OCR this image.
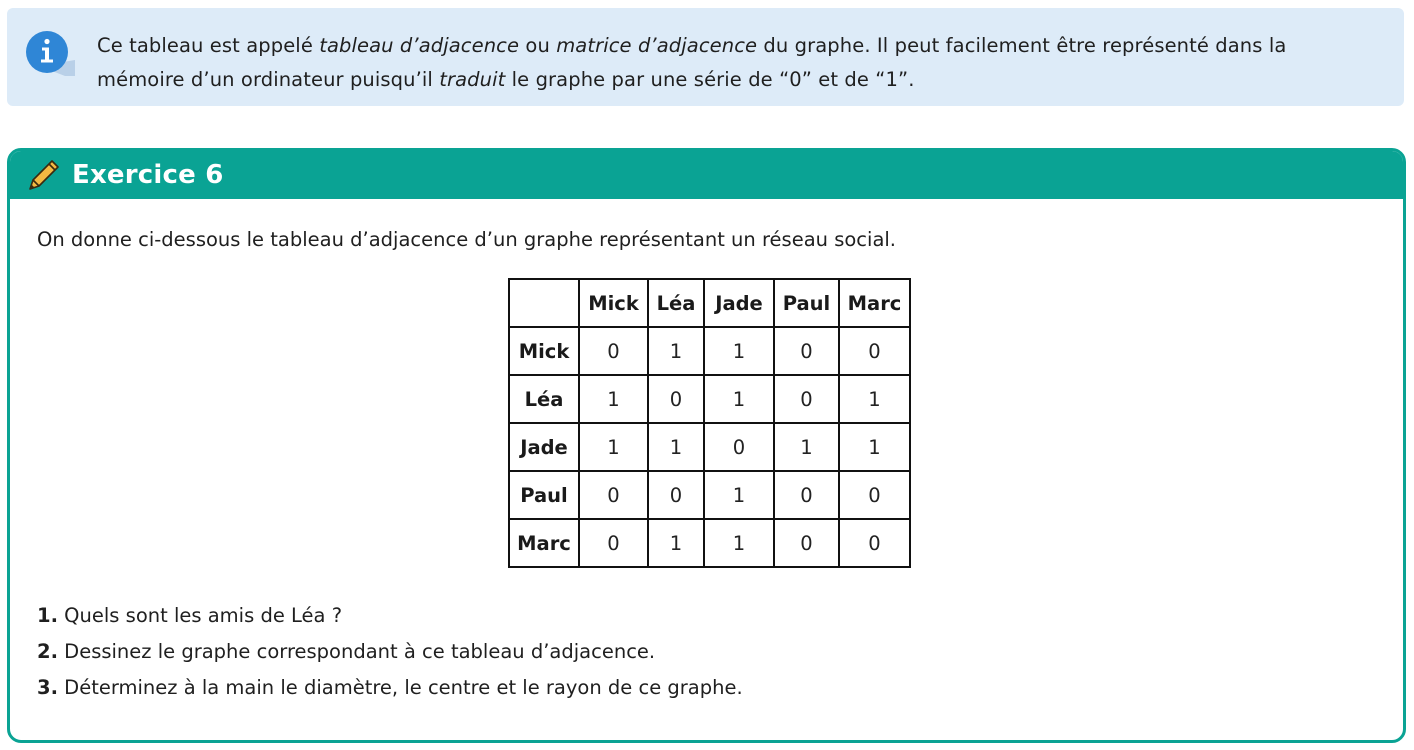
Ce tableau est appelé tableau d’adjacence ou matrice d’adjacence du graphe. Il peut facilement être représenté dans la mémoire d’un ordinateur puisqu’il traduit le graphe par une série de “0” et de “1”.
Exercice 6
On donne ci-dessous le tableau d’adjacence d’un graphe représentant un réseau social.
	Mick	Léa	Jade	Paul	Marc
Mick	0	1	1	0	0
Léa	1	0	1	0	1
Jade	1	1	0	1	1
Paul	0	0	1	0	0
Marc	0	1	1	0	0
1. Quels sont les amis de Léa ?
2. Dessinez le graphe correspondant à ce tableau d’adjacence.
3. Déterminez à la main le diamètre, le centre et le rayon de ce graphe.
